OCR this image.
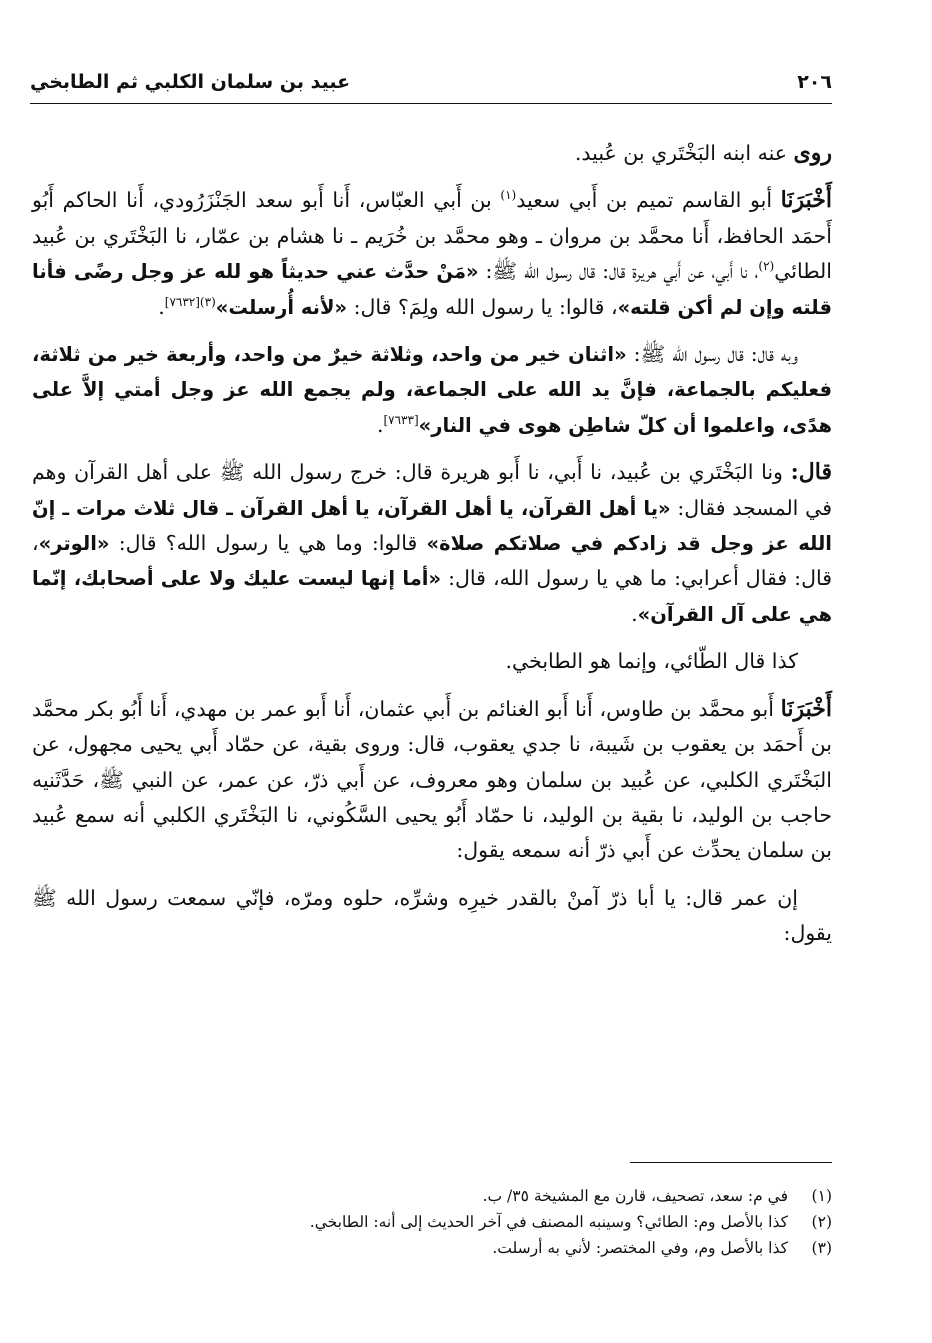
٢٠٦
عبيد بن سلمان الكلبي ثم الطابخي

روى عنه ابنه البَخْتَري بن عُبيد.

أَخْبَرَنَا أبو القاسم تميم بن أَبي سعيد$^{(١)}$ بن أَبي العبّاس، أَنا أَبو سعد الجَنْزَرُودي، أَنا الحاكم أَبُو أَحمَد الحافظ، أَنا محمَّد بن مروان ـ وهو محمَّد بن خُرَيم ـ نا هشام بن عمّار، نا البَخْتَري بن عُبيد الطائي$^{(٢)}$، نا أَبي، عن أَبي هريرة قال: قال رسول الله ﷺ: «مَنْ حدَّث عني حديثاً هو لله عز وجل رضًى فأنا قلته وإن لم أكن قلته»، قالوا: يا رسول الله ولِمَ؟ قال: «لأنه أُرسلت»$^{(٣)[٧٦٣٢]}$.

وبه قال: قال رسول الله ﷺ: «اثنان خير من واحد، وثلاثة خيرٌ من واحد، وأربعة خير من ثلاثة، فعليكم بالجماعة، فإنَّ يد الله على الجماعة، ولم يجمع الله عز وجل أمتي إلاَّ على هدًى، واعلموا أن كلّ شاطِن هوى في النار»[٧٦٣٣].

قال: ونا البَخْتَري بن عُبيد، نا أَبي، نا أَبو هريرة قال: خرج رسول الله ﷺ على أهل القرآن وهم في المسجد فقال: «يا أهل القرآن، يا أهل القرآن، يا أهل القرآن ـ قال ثلاث مرات ـ إنّ الله عز وجل قد زادكم في صلاتكم صلاة» قالوا: وما هي يا رسول الله؟ قال: «الوتر»، قال: فقال أعرابي: ما هي يا رسول الله، قال: «أما إنها ليست عليك ولا على أصحابك، إنّما هي على آل القرآن».

كذا قال الطّائي، وإنما هو الطابخي.

أَخْبَرَنَا أَبو محمَّد بن طاوس، أَنا أَبو الغنائم بن أَبي عثمان، أَنا أَبو عمر بن مهدي، أَنا أَبُو بكر محمَّد بن أَحمَد بن يعقوب بن شَيبة، نا جدي يعقوب، قال: وروى بقية، عن حمّاد أَبي يحيى مجهول، عن البَخْتَري الكلبي، عن عُبيد بن سلمان وهو معروف، عن أَبي ذرّ، عن عمر، عن النبي ﷺ، حَدَّثَنيه حاجب بن الوليد، نا بقية بن الوليد، نا حمّاد أَبُو يحيى السَّكُوني، نا البَخْتَري الكلبي أنه سمع عُبيد بن سلمان يحدِّث عن أَبي ذرّ أنه سمعه يقول:

إن عمر قال: يا أبا ذرّ آمنْ بالقدر خيرِه وشرِّه، حلوه ومرّه، فإنّي سمعت رسول الله ﷺ يقول:

(١)
في م: سعد، تصحيف، قارن مع المشيخة ٣٥/ ب.
(٢)
كذا بالأصل وم: الطائي؟ وسينبه المصنف في آخر الحديث إلى أنه: الطابخي.
(٣)
كذا بالأصل وم، وفي المختصر: لأني به أرسلت.
